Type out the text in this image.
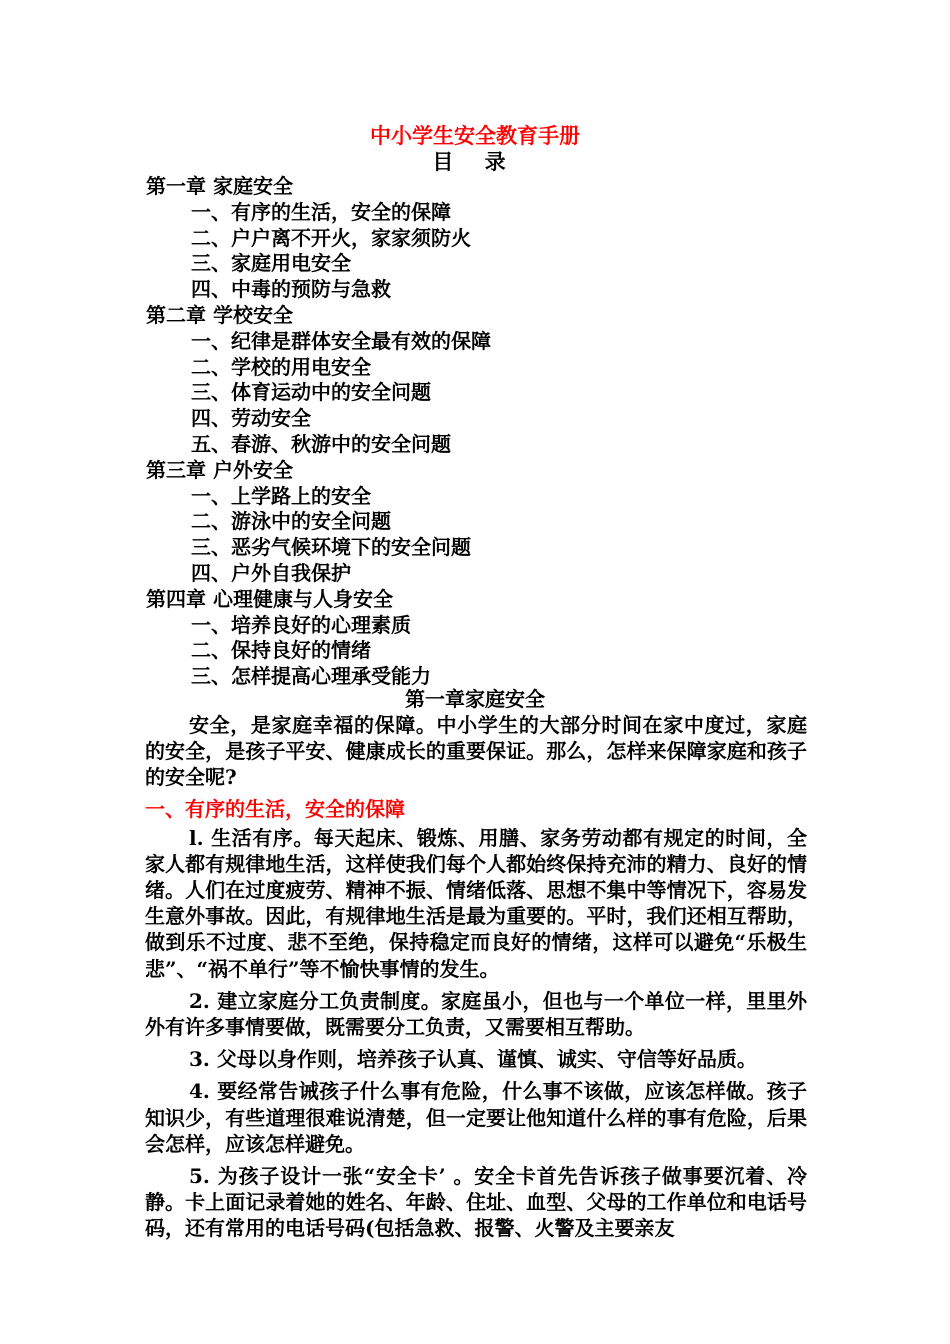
中小学生安全教育手册
目 录
第一章 家庭安全
一、有序的生活，安全的保障
二、户户离不开火，家家须防火
三、家庭用电安全
四、中毒的预防与急救
第二章 学校安全
一、纪律是群体安全最有效的保障
二、学校的用电安全
三、体育运动中的安全问题
四、劳动安全
五、春游、秋游中的安全问题
第三章 户外安全
一、上学路上的安全
二、游泳中的安全问题
三、恶劣气候环境下的安全问题
四、户外自我保护
第四章 心理健康与人身安全
一、培养良好的心理素质
二、保持良好的情绪
三、怎样提高心理承受能力
第一章家庭安全

安全，是家庭幸福的保障。中小学生的大部分时间在家中度过，家庭的安全，是孩子平安、健康成长的重要保证。那么，怎样来保障家庭和孩子的安全呢?

一、有序的生活，安全的保障

l. 生活有序。每天起床、锻炼、用膳、家务劳动都有规定的时间，全家人都有规律地生活，这样使我们每个人都始终保持充沛的精力、良好的情绪。人们在过度疲劳、精神不振、情绪低落、思想不集中等情况下，容易发生意外事故。因此，有规律地生活是最为重要的。平时，我们还相互帮助，做到乐不过度、悲不至绝，保持稳定而良好的情绪，这样可以避免“乐极生悲”、“祸不单行”等不愉快事情的发生。

2. 建立家庭分工负责制度。家庭虽小，但也与一个单位一样，里里外外有许多事情要做，既需要分工负责，又需要相互帮助。

3. 父母以身作则，培养孩子认真、谨慎、诚实、守信等好品质。

4. 要经常告诫孩子什么事有危险，什么事不该做，应该怎样做。孩子知识少，有些道理很难说清楚，但一定要让他知道什么样的事有危险，后果会怎样，应该怎样避免。

5. 为孩子设计一张“安全卡’ 。安全卡首先告诉孩子做事要沉着、冷静。卡上面记录着她的姓名、年龄、住址、血型、父母的工作单位和电话号码，还有常用的电话号码(包括急救、报警、火警及主要亲友
